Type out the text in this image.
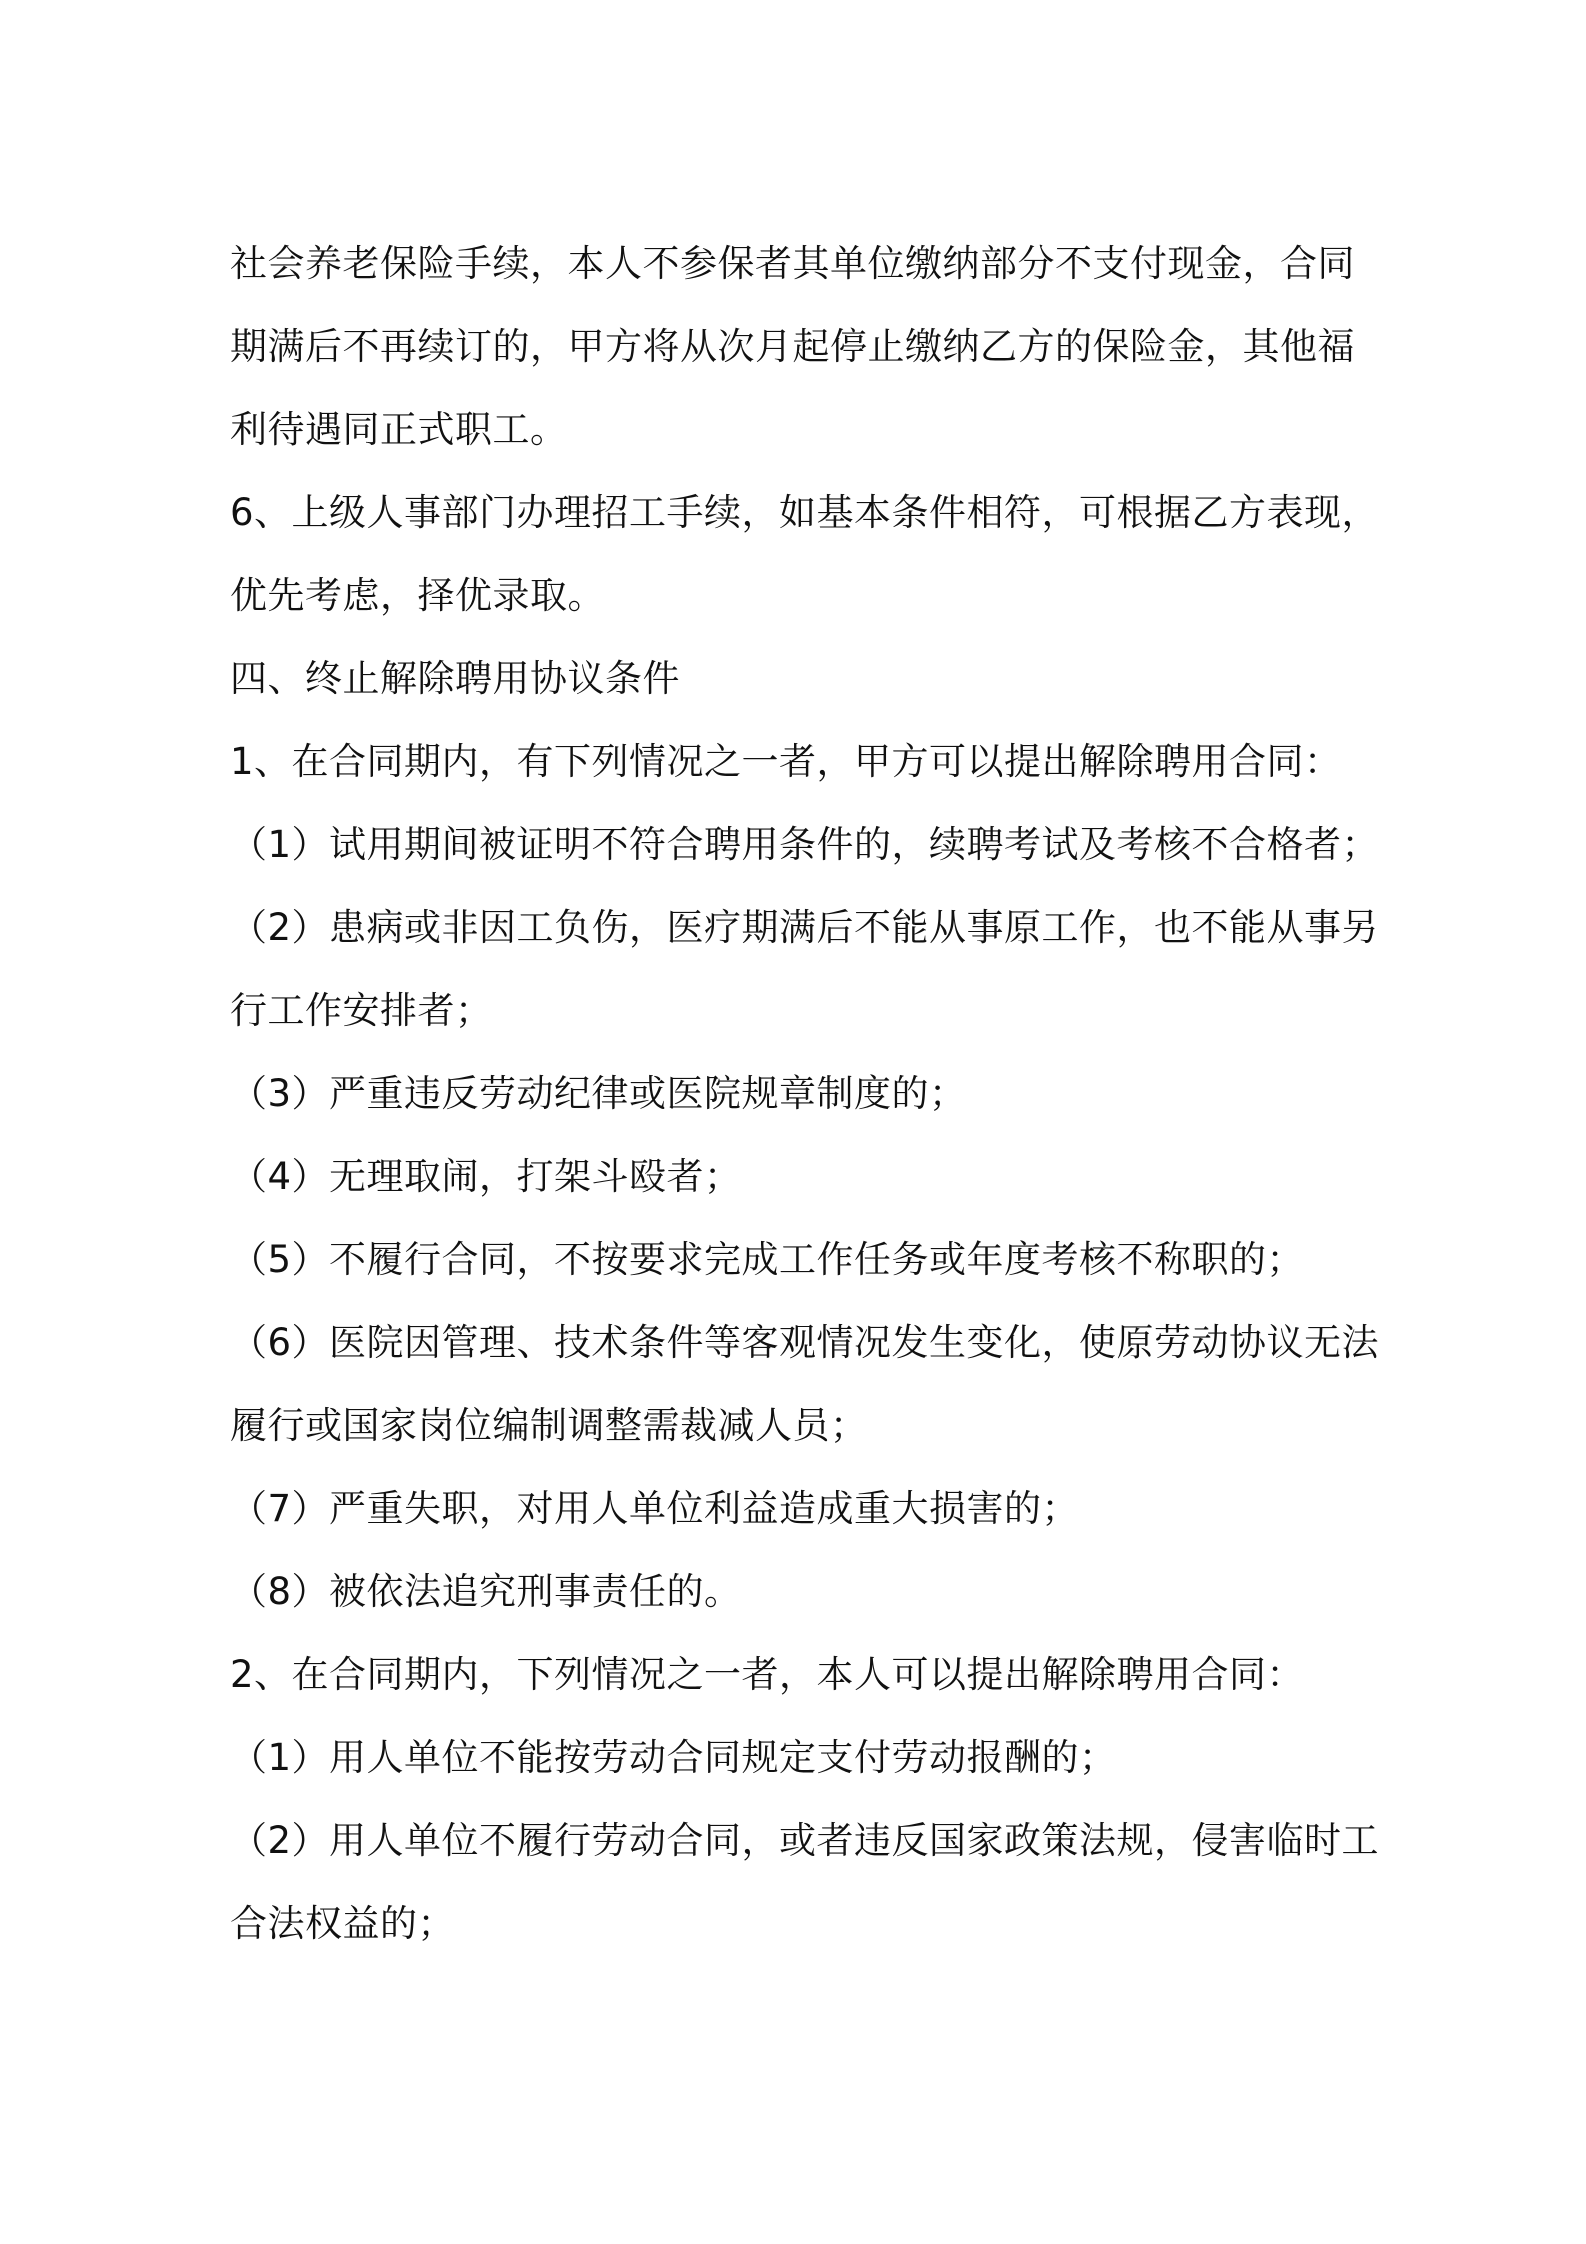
社会养老保险手续，本人不参保者其单位缴纳部分不支付现金，合同
期满后不再续订的，甲方将从次月起停止缴纳乙方的保险金，其他福
利待遇同正式职工。
6、上级人事部门办理招工手续，如基本条件相符，可根据乙方表现，
优先考虑，择优录取。
四、终止解除聘用协议条件
1、在合同期内，有下列情况之一者，甲方可以提出解除聘用合同：
（1）试用期间被证明不符合聘用条件的，续聘考试及考核不合格者；
（2）患病或非因工负伤，医疗期满后不能从事原工作，也不能从事另
行工作安排者；
（3）严重违反劳动纪律或医院规章制度的；
（4）无理取闹，打架斗殴者；
（5）不履行合同，不按要求完成工作任务或年度考核不称职的；
（6）医院因管理、技术条件等客观情况发生变化，使原劳动协议无法
履行或国家岗位编制调整需裁减人员；
（7）严重失职，对用人单位利益造成重大损害的；
（8）被依法追究刑事责任的。
2、在合同期内，下列情况之一者，本人可以提出解除聘用合同：
（1）用人单位不能按劳动合同规定支付劳动报酬的；
（2）用人单位不履行劳动合同，或者违反国家政策法规，侵害临时工
合法权益的；
